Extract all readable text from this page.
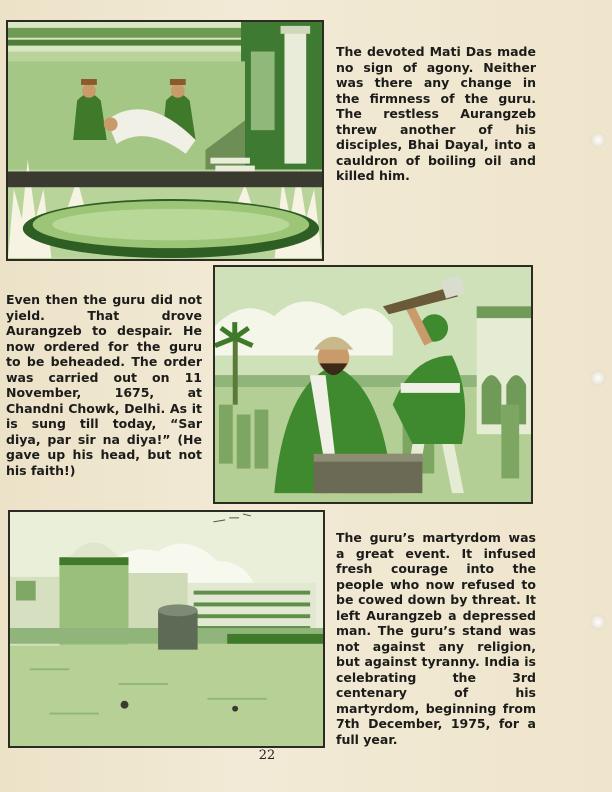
The devoted Mati Das made no sign of agony. Neither was there any change in the firmness of the guru. The restless Aurangzeb threw another of his disciples, Bhai Dayal, into a cauldron of boiling oil and killed him.

Even then the guru did not yield. That drove Aurangzeb to despair. He now ordered for the guru to be beheaded. The order was carried out on 11 November, 1675, at Chandni Chowk, Delhi. As it is sung till today, “Sar diya, par sir na diya!” (He gave up his head, but not his faith!)

The guru’s martyrdom was a great event. It infused fresh courage into the people who now refused to be cowed down by threat. It left Aurangzeb a depressed man. The guru’s stand was not against any religion, but against tyranny. India is celebrating the 3rd centenary of his martyrdom, beginning from 7th December, 1975, for a full year.

22
